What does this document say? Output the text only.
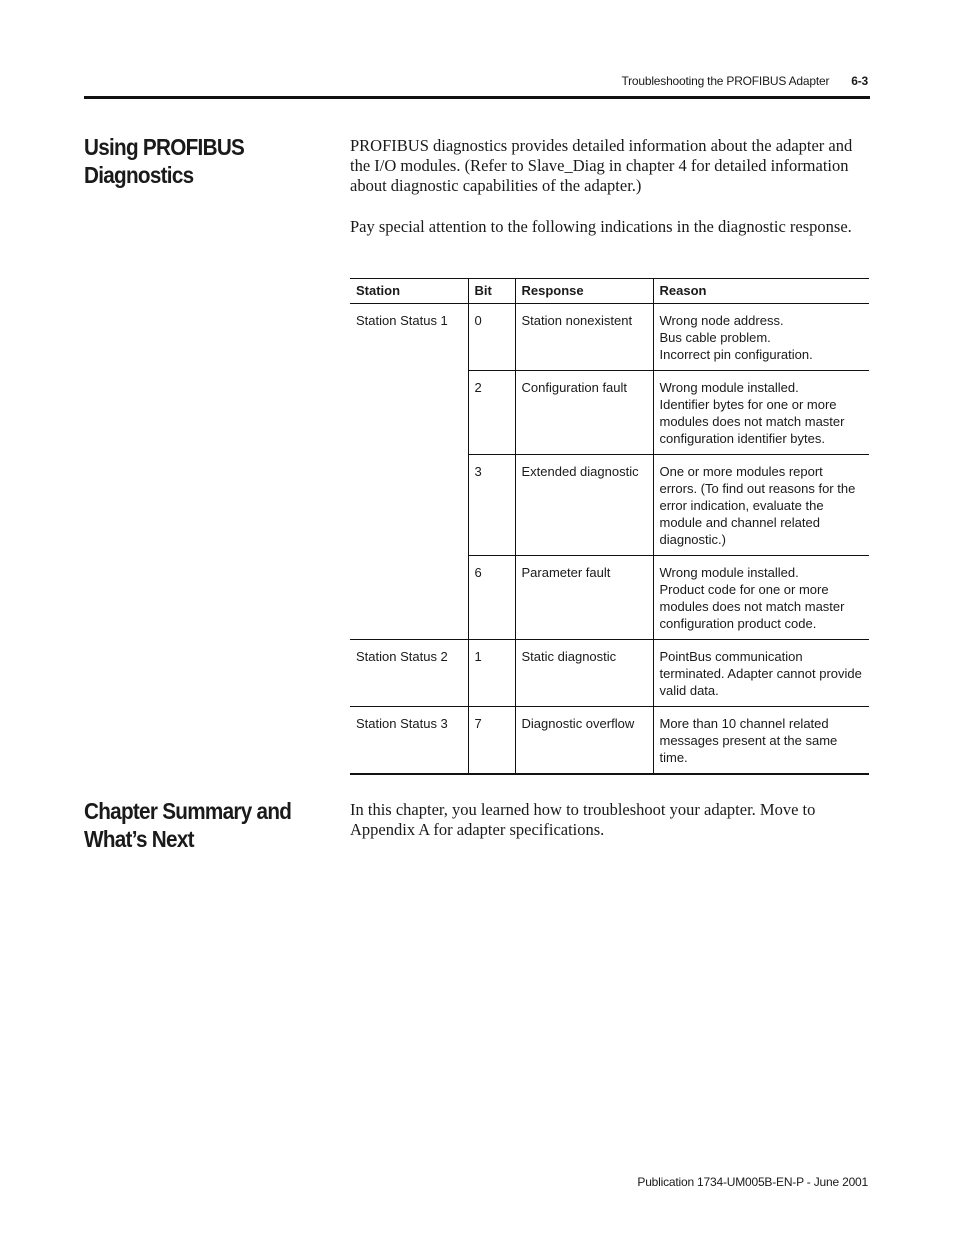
Troubleshooting the PROFIBUS Adapter 6-3
Using PROFIBUS
Diagnostics

PROFIBUS diagnostics provides detailed information about the adapter and the I/O modules. (Refer to Slave_Diag in chapter 4 for detailed information about diagnostic capabilities of the adapter.)

Pay special attention to the following indications in the diagnostic response.

Station	Bit	Response	Reason
Station Status 1	0	Station nonexistent	Wrong node address.
Bus cable problem.
Incorrect pin configuration.

	2	Configuration fault	Wrong module installed.
Identifier bytes for one or more modules does not match master configuration identifier bytes.

	3	Extended diagnostic	One or more modules report errors. (To find out reasons for the error indication, evaluate the module and channel related diagnostic.)

	6	Parameter fault	Wrong module installed.
Product code for one or more modules does not match master configuration product code.

Station Status 2	1	Static diagnostic	PointBus communication terminated. Adapter cannot provide valid data.

Station Status 3	7	Diagnostic overflow	More than 10 channel related messages present at the same time.
Chapter Summary and
What’s Next

In this chapter, you learned how to troubleshoot your adapter. Move to Appendix A for adapter specifications.

Publication 1734-UM005B-EN-P - June 2001
